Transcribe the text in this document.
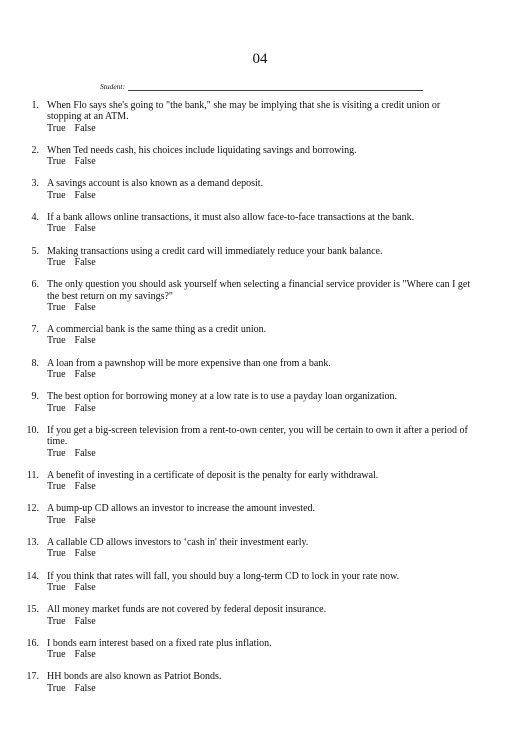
04
Student:
1. When Flo says she's going to "the bank," she may be implying that she is visiting a credit union or stopping at an ATM.
True False
2. When Ted needs cash, his choices include liquidating savings and borrowing.
True False
3. A savings account is also known as a demand deposit.
True False
4. If a bank allows online transactions, it must also allow face-to-face transactions at the bank.
True False
5. Making transactions using a credit card will immediately reduce your bank balance.
True False
6. The only question you should ask yourself when selecting a financial service provider is "Where can I get the best return on my savings?"
True False
7. A commercial bank is the same thing as a credit union.
True False
8. A loan from a pawnshop will be more expensive than one from a bank.
True False
9. The best option for borrowing money at a low rate is to use a payday loan organization.
True False
10. If you get a big-screen television from a rent-to-own center, you will be certain to own it after a period of time.
True False
11. A benefit of investing in a certificate of deposit is the penalty for early withdrawal.
True False
12. A bump-up CD allows an investor to increase the amount invested.
True False
13. A callable CD allows investors to ‘cash in' their investment early.
True False
14. If you think that rates will fall, you should buy a long-term CD to lock in your rate now.
True False
15. All money market funds are not covered by federal deposit insurance.
True False
16. I bonds earn interest based on a fixed rate plus inflation.
True False
17. HH bonds are also known as Patriot Bonds.
True False
